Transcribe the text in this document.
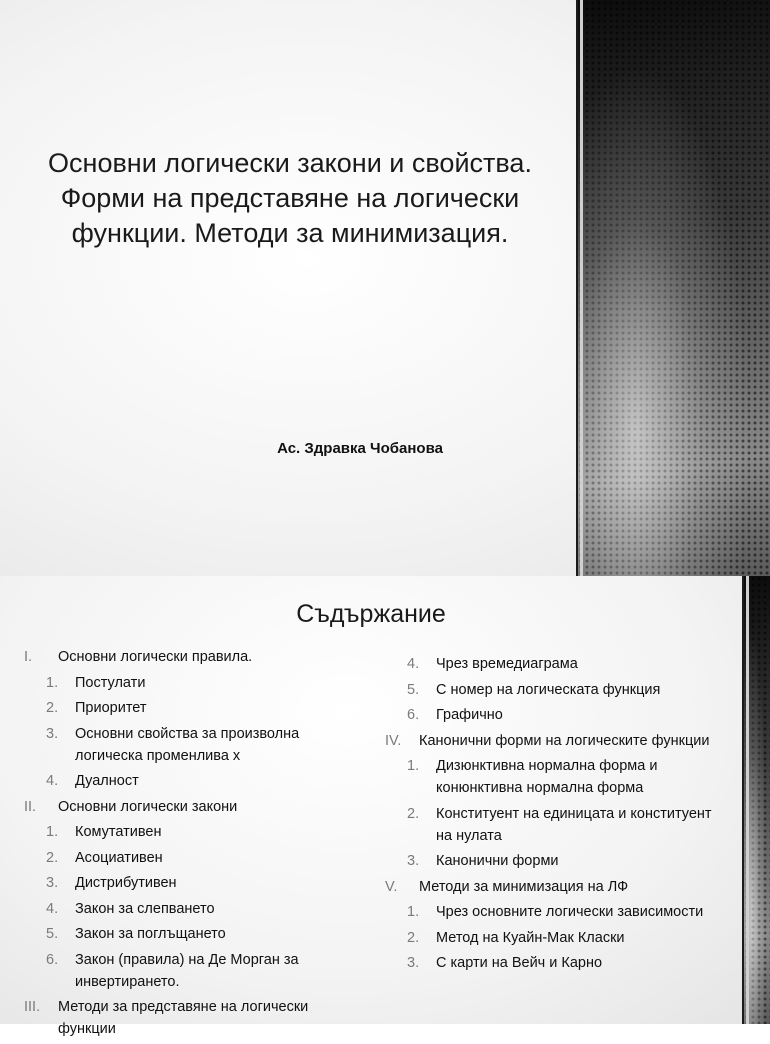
Основни логически закони и свойства. Форми на представяне на логически функции. Методи за минимизация.
Ас. Здравка Чобанова
Съдържание
I.	Основни логически правила.
1.	Постулати
2.	Приоритет
3.	Основни свойства за произволна логическа променлива x
4.	Дуалност
II.	Основни логически закони
1.	Комутативен
2.	Асоциативен
3.	Дистрибутивен
4.	Закон за слепването
5.	Закон за поглъщането
6.	Закон (правила) на Де Морган за инвертирането.
III.	Методи за представяне на логически функции
4.	Чрез времедиаграма
5.	С номер на логическата функция
6.	Графично
IV.	Канонични форми на логическите функции
1.	Дизюнктивна нормална форма и конюнктивна нормална форма
2.	Конституент на единицата и конституент на нулата
3.	Канонични форми
V.	Методи за минимизация на ЛФ
1.	Чрез основните логически зависимости
2.	Метод на Куайн-Мак Класки
3.	С карти на Вейч и Карно
